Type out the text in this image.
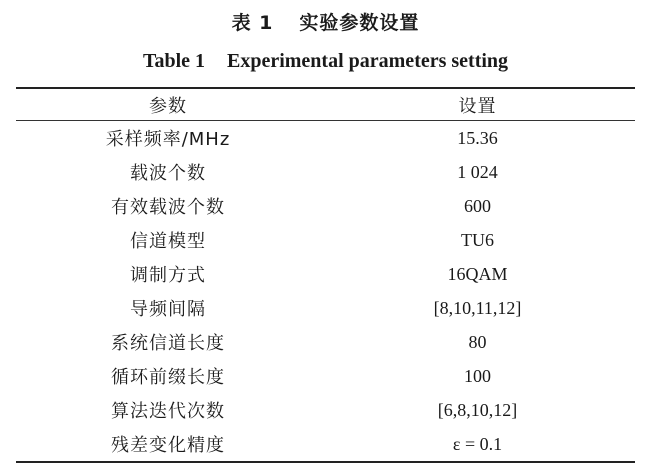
表 1 实验参数设置
Table 1 Experimental parameters setting
参数	设置
采样频率/MHz	15.36
载波个数	1 024
有效载波个数	600
信道模型	TU6
调制方式	16QAM
导频间隔	[8,10,11,12]
系统信道长度	80
循环前缀长度	100
算法迭代次数	[6,8,10,12]
残差变化精度	ε = 0.1
